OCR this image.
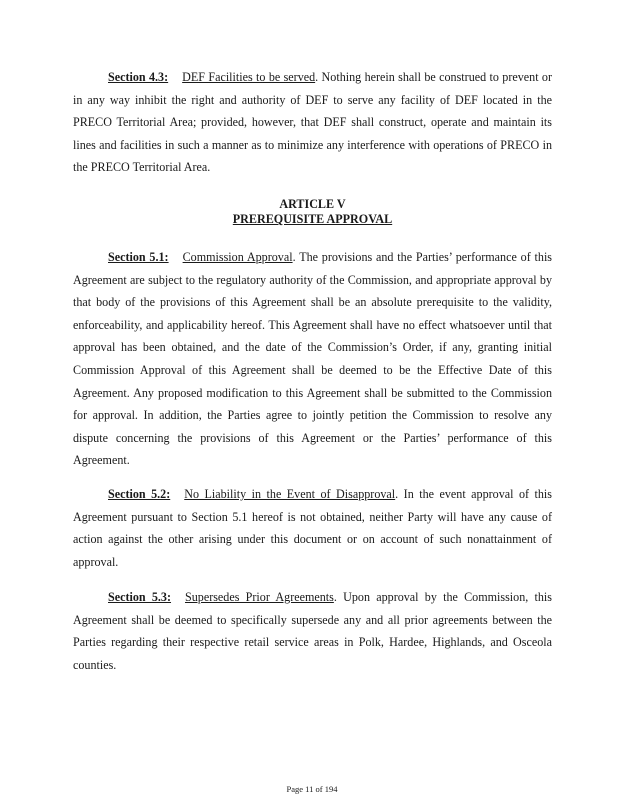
Section 4.3: DEF Facilities to be served. Nothing herein shall be construed to prevent or in any way inhibit the right and authority of DEF to serve any facility of DEF located in the PRECO Territorial Area; provided, however, that DEF shall construct, operate and maintain its lines and facilities in such a manner as to minimize any interference with operations of PRECO in the PRECO Territorial Area.

ARTICLE V
PREREQUISITE APPROVAL

Section 5.1: Commission Approval. The provisions and the Parties’ performance of this Agreement are subject to the regulatory authority of the Commission, and appropriate approval by that body of the provisions of this Agreement shall be an absolute prerequisite to the validity, enforceability, and applicability hereof. This Agreement shall have no effect whatsoever until that approval has been obtained, and the date of the Commission’s Order, if any, granting initial Commission Approval of this Agreement shall be deemed to be the Effective Date of this Agreement. Any proposed modification to this Agreement shall be submitted to the Commission for approval. In addition, the Parties agree to jointly petition the Commission to resolve any dispute concerning the provisions of this Agreement or the Parties’ performance of this Agreement.

Section 5.2: No Liability in the Event of Disapproval. In the event approval of this Agreement pursuant to Section 5.1 hereof is not obtained, neither Party will have any cause of action against the other arising under this document or on account of such nonattainment of approval.

Section 5.3: Supersedes Prior Agreements. Upon approval by the Commission, this Agreement shall be deemed to specifically supersede any and all prior agreements between the Parties regarding their respective retail service areas in Polk, Hardee, Highlands, and Osceola counties.

Page 11 of 194
